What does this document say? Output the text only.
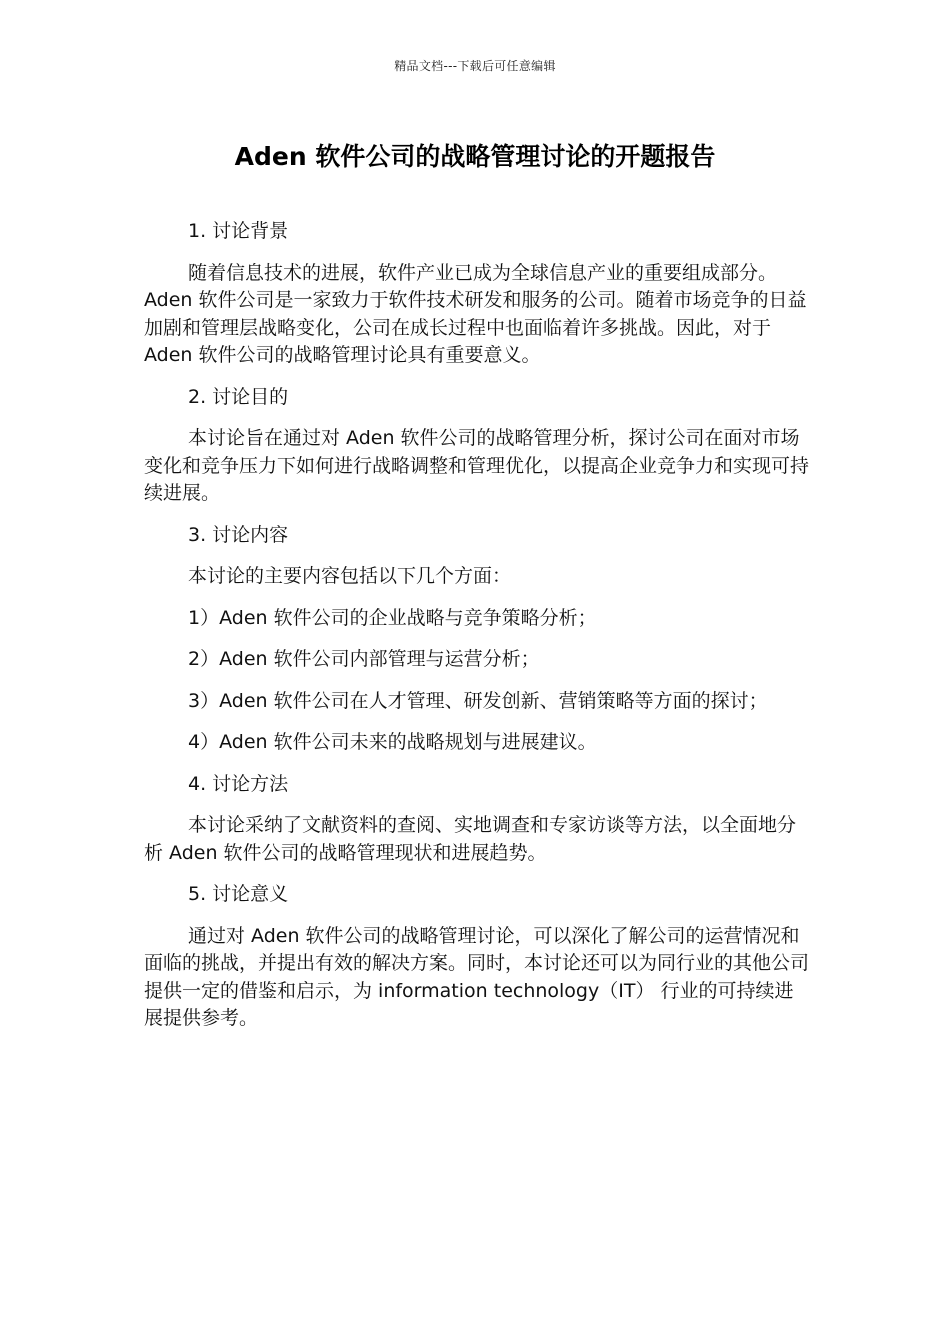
精品文档---下载后可任意编辑
Aden 软件公司的战略管理讨论的开题报告
1. 讨论背景

随着信息技术的进展，软件产业已成为全球信息产业的重要组成部分。Aden 软件公司是一家致力于软件技术研发和服务的公司。随着市场竞争的日益加剧和管理层战略变化，公司在成长过程中也面临着许多挑战。因此，对于 Aden 软件公司的战略管理讨论具有重要意义。

2. 讨论目的

本讨论旨在通过对 Aden 软件公司的战略管理分析，探讨公司在面对市场变化和竞争压力下如何进行战略调整和管理优化，以提高企业竞争力和实现可持续进展。

3. 讨论内容
本讨论的主要内容包括以下几个方面：
1）Aden 软件公司的企业战略与竞争策略分析；
2）Aden 软件公司内部管理与运营分析；
3）Aden 软件公司在人才管理、研发创新、营销策略等方面的探讨；
4）Aden 软件公司未来的战略规划与进展建议。
4. 讨论方法

本讨论采纳了文献资料的查阅、实地调查和专家访谈等方法，以全面地分析 Aden 软件公司的战略管理现状和进展趋势。

5. 讨论意义

通过对 Aden 软件公司的战略管理讨论，可以深化了解公司的运营情况和面临的挑战，并提出有效的解决方案。同时，本讨论还可以为同行业的其他公司提供一定的借鉴和启示，为 information technology（IT） 行业的可持续进展提供参考。
